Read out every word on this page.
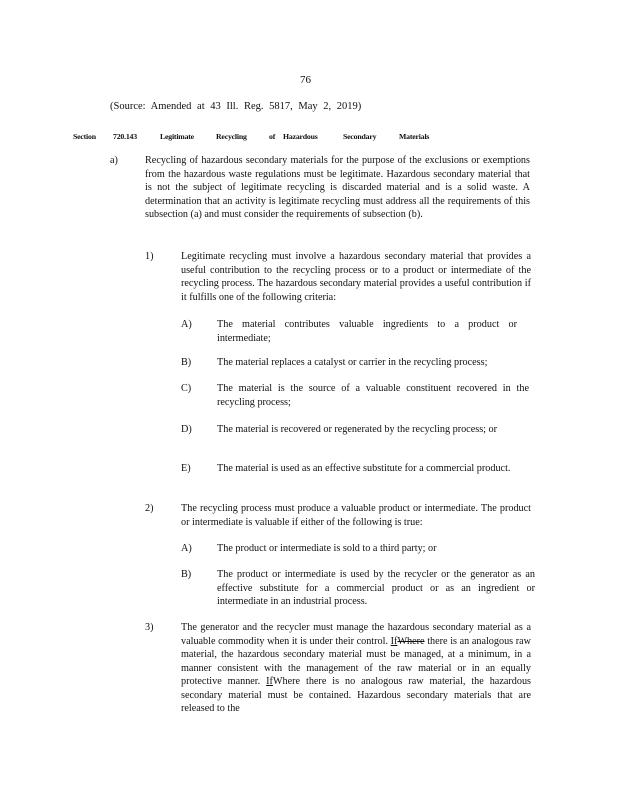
76
(Source: Amended at 43 Ill. Reg. 5817, May 2, 2019)
Section 720.143	Legitimate	Recycling	of Hazardous	Secondary	Materials
a)	Recycling of hazardous secondary materials for the purpose of the exclusions or exemptions from the hazardous waste regulations must be legitimate. Hazardous secondary material that is not the subject of legitimate recycling is discarded material and is a solid waste. A determination that an activity is legitimate recycling must address all the requirements of this subsection (a) and must consider the requirements of subsection (b).
1)	Legitimate recycling must involve a hazardous secondary material that provides a useful contribution to the recycling process or to a product or intermediate of the recycling process. The hazardous secondary material provides a useful contribution if it fulfills one of the following criteria:
A) The material contributes valuable ingredients to a product or intermediate;
B)	The material replaces a catalyst or carrier in the recycling process;
C)	The material is the source of a valuable constituent recovered in the recycling process;
D) The material is recovered or regenerated by the recycling process; or
E)	The material is used as an effective substitute for a commercial product.
2)	The recycling process must produce a valuable product or intermediate. The product or intermediate is valuable if either of the following is true:
A) The product or intermediate is sold to a third party; or
B)	The product or intermediate is used by the recycler or the generator as an effective substitute for a commercial product or as an ingredient or intermediate in an industrial process.
3)	The generator and the recycler must manage the hazardous secondary material as a valuable commodity when it is under their control. IfWhere there is an analogous raw material, the hazardous secondary material must be managed, at a minimum, in a manner consistent with the management of the raw material or in an equally protective manner. IfWhere there is no analogous raw material, the hazardous secondary material must be contained. Hazardous secondary materials that are released to the
